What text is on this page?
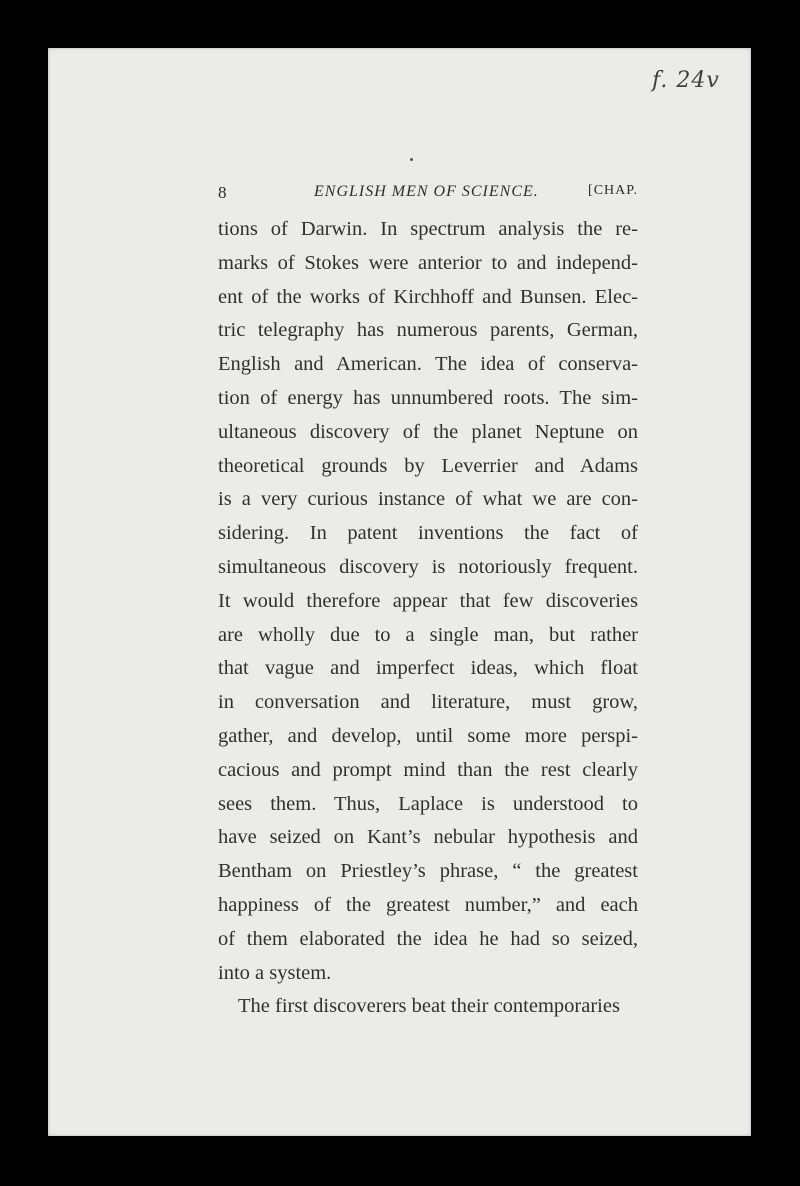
f. 24v
8	ENGLISH MEN OF SCIENCE.	[CHAP.
tions of Darwin. In spectrum analysis the re-
marks of Stokes were anterior to and independ-
ent of the works of Kirchhoff and Bunsen. Elec-
tric telegraphy has numerous parents, German,
English and American. The idea of conserva-
tion of energy has unnumbered roots. The sim-
ultaneous discovery of the planet Neptune on
theoretical grounds by Leverrier and Adams
is a very curious instance of what we are con-
sidering. In patent inventions the fact of
simultaneous discovery is notoriously frequent.
It would therefore appear that few discoveries
are wholly due to a single man, but rather
that vague and imperfect ideas, which float
in conversation and literature, must grow,
gather, and develop, until some more perspi-
cacious and prompt mind than the rest clearly
sees them. Thus, Laplace is understood to
have seized on Kant’s nebular hypothesis and
Bentham on Priestley’s phrase, “ the greatest
happiness of the greatest number,” and each
of them elaborated the idea he had so seized,
into a system.
The first discoverers beat their contemporaries
